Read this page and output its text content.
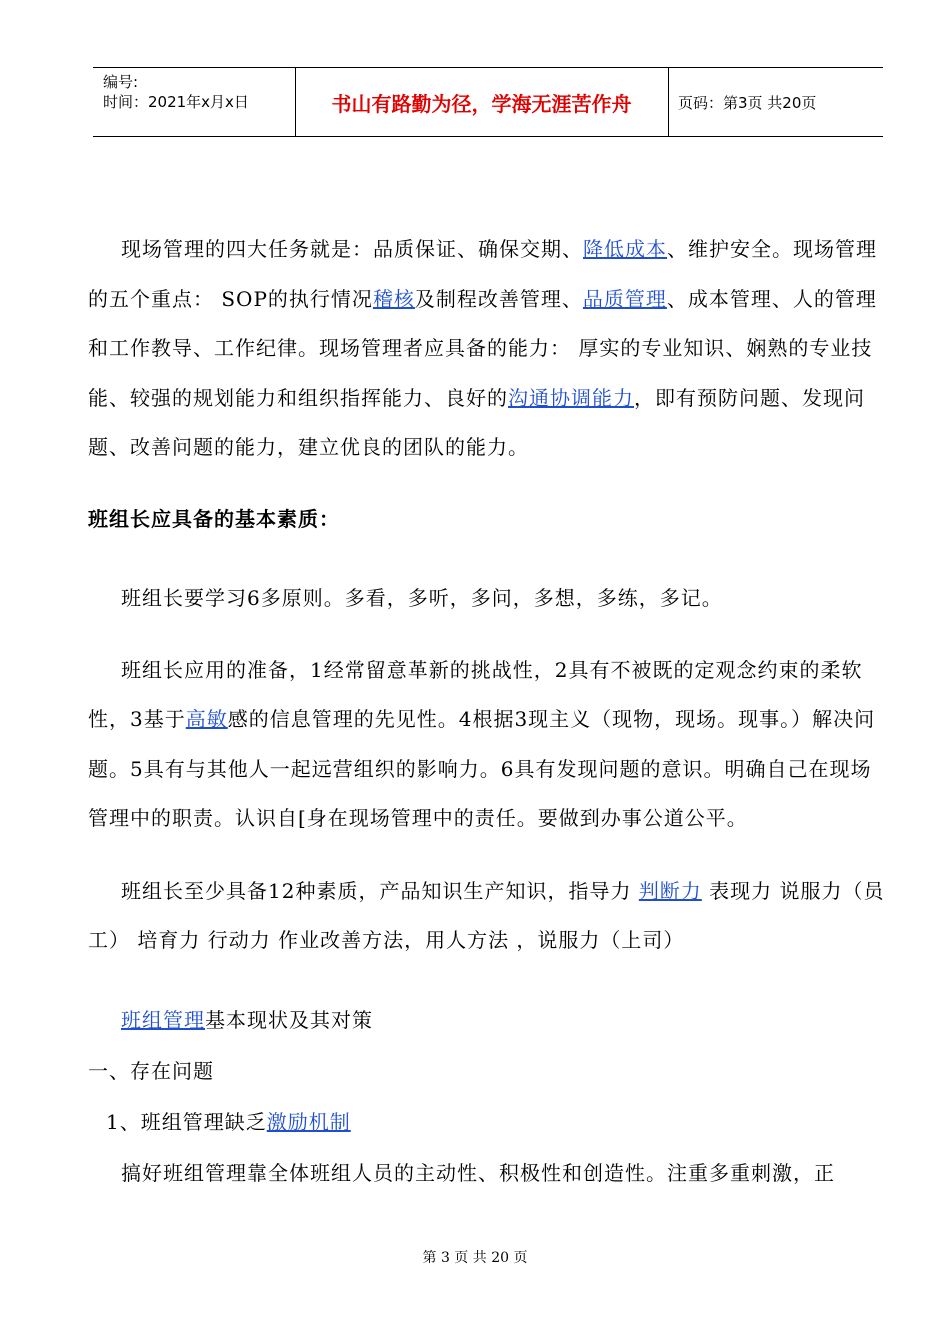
编号:
时间：2021年x月x日	书山有路勤为径，学海无涯苦作舟	页码：第3页 共20页

现场管理的四大任务就是：品质保证、确保交期、降低成本、维护安全。现场管理的五个重点： SOP的执行情况稽核及制程改善管理、品质管理、成本管理、人的管理和工作教导、工作纪律。现场管理者应具备的能力： 厚实的专业知识、娴熟的专业技能、较强的规划能力和组织指挥能力、良好的沟通协调能力，即有预防问题、发现问题、改善问题的能力，建立优良的团队的能力。

班组长应具备的基本素质：

班组长要学习6多原则。多看，多听，多问，多想，多练，多记。

班组长应用的准备，1经常留意革新的挑战性，2具有不被既的定观念约束的柔软性，3基于高敏感的信息管理的先见性。4根据3现主义（现物，现场。现事。）解决问题。5具有与其他人一起远营组织的影响力。6具有发现问题的意识。明确自己在现场管理中的职责。认识自[身在现场管理中的责任。要做到办事公道公平。

班组长至少具备12种素质，产品知识生产知识，指导力 判断力 表现力 说服力（员工） 培育力 行动力 作业改善方法，用人方法 ，说服力（上司）

班组管理基本现状及其对策

一、存在问题

1、班组管理缺乏激励机制

搞好班组管理靠全体班组人员的主动性、积极性和创造性。注重多重刺激，正

第 3 页 共 20 页
